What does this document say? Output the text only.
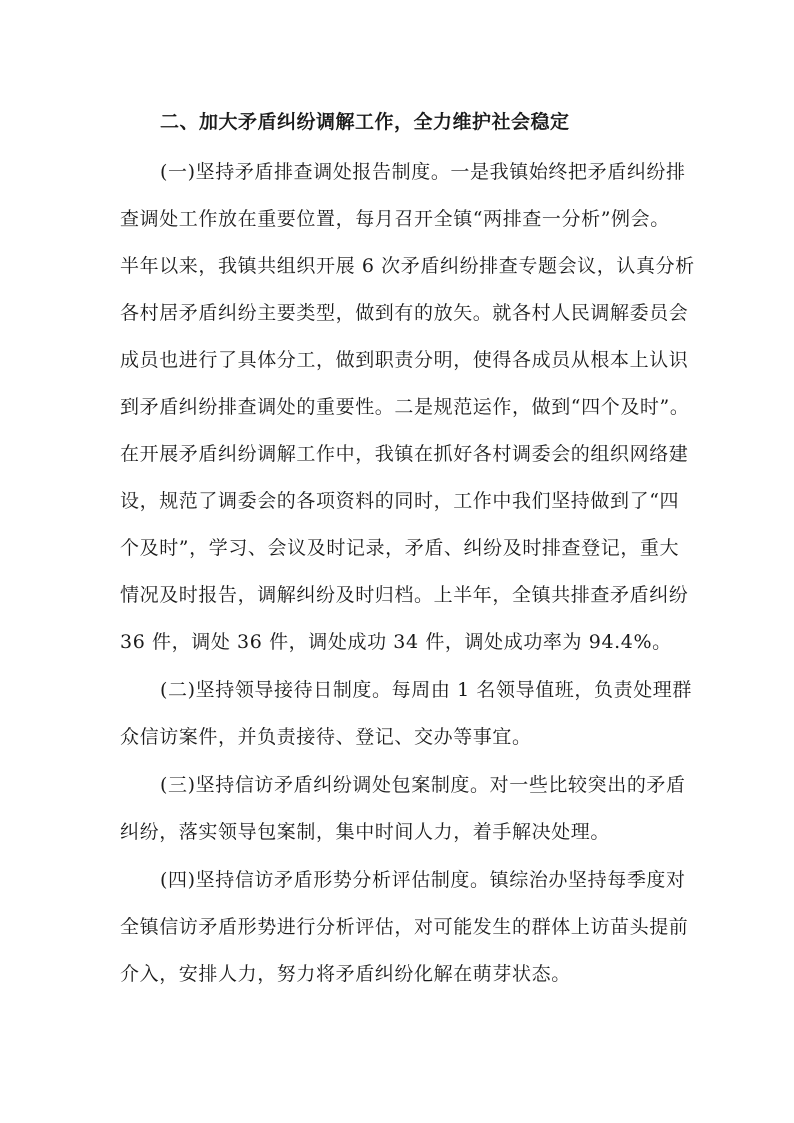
二、加大矛盾纠纷调解工作，全力维护社会稳定
(一)坚持矛盾排查调处报告制度。一是我镇始终把矛盾纠纷排
查调处工作放在重要位置，每月召开全镇“两排查一分析”例会。
半年以来，我镇共组织开展 6 次矛盾纠纷排查专题会议，认真分析
各村居矛盾纠纷主要类型，做到有的放矢。就各村人民调解委员会
成员也进行了具体分工，做到职责分明，使得各成员从根本上认识
到矛盾纠纷排查调处的重要性。二是规范运作，做到“四个及时”。
在开展矛盾纠纷调解工作中，我镇在抓好各村调委会的组织网络建
设，规范了调委会的各项资料的同时，工作中我们坚持做到了“四
个及时”，学习、会议及时记录，矛盾、纠纷及时排查登记，重大
情况及时报告，调解纠纷及时归档。上半年，全镇共排查矛盾纠纷
36 件，调处 36 件，调处成功 34 件，调处成功率为 94.4%。
(二)坚持领导接待日制度。每周由 1 名领导值班，负责处理群
众信访案件，并负责接待、登记、交办等事宜。
(三)坚持信访矛盾纠纷调处包案制度。对一些比较突出的矛盾
纠纷，落实领导包案制，集中时间人力，着手解决处理。
(四)坚持信访矛盾形势分析评估制度。镇综治办坚持每季度对
全镇信访矛盾形势进行分析评估，对可能发生的群体上访苗头提前
介入，安排人力，努力将矛盾纠纷化解在萌芽状态。
